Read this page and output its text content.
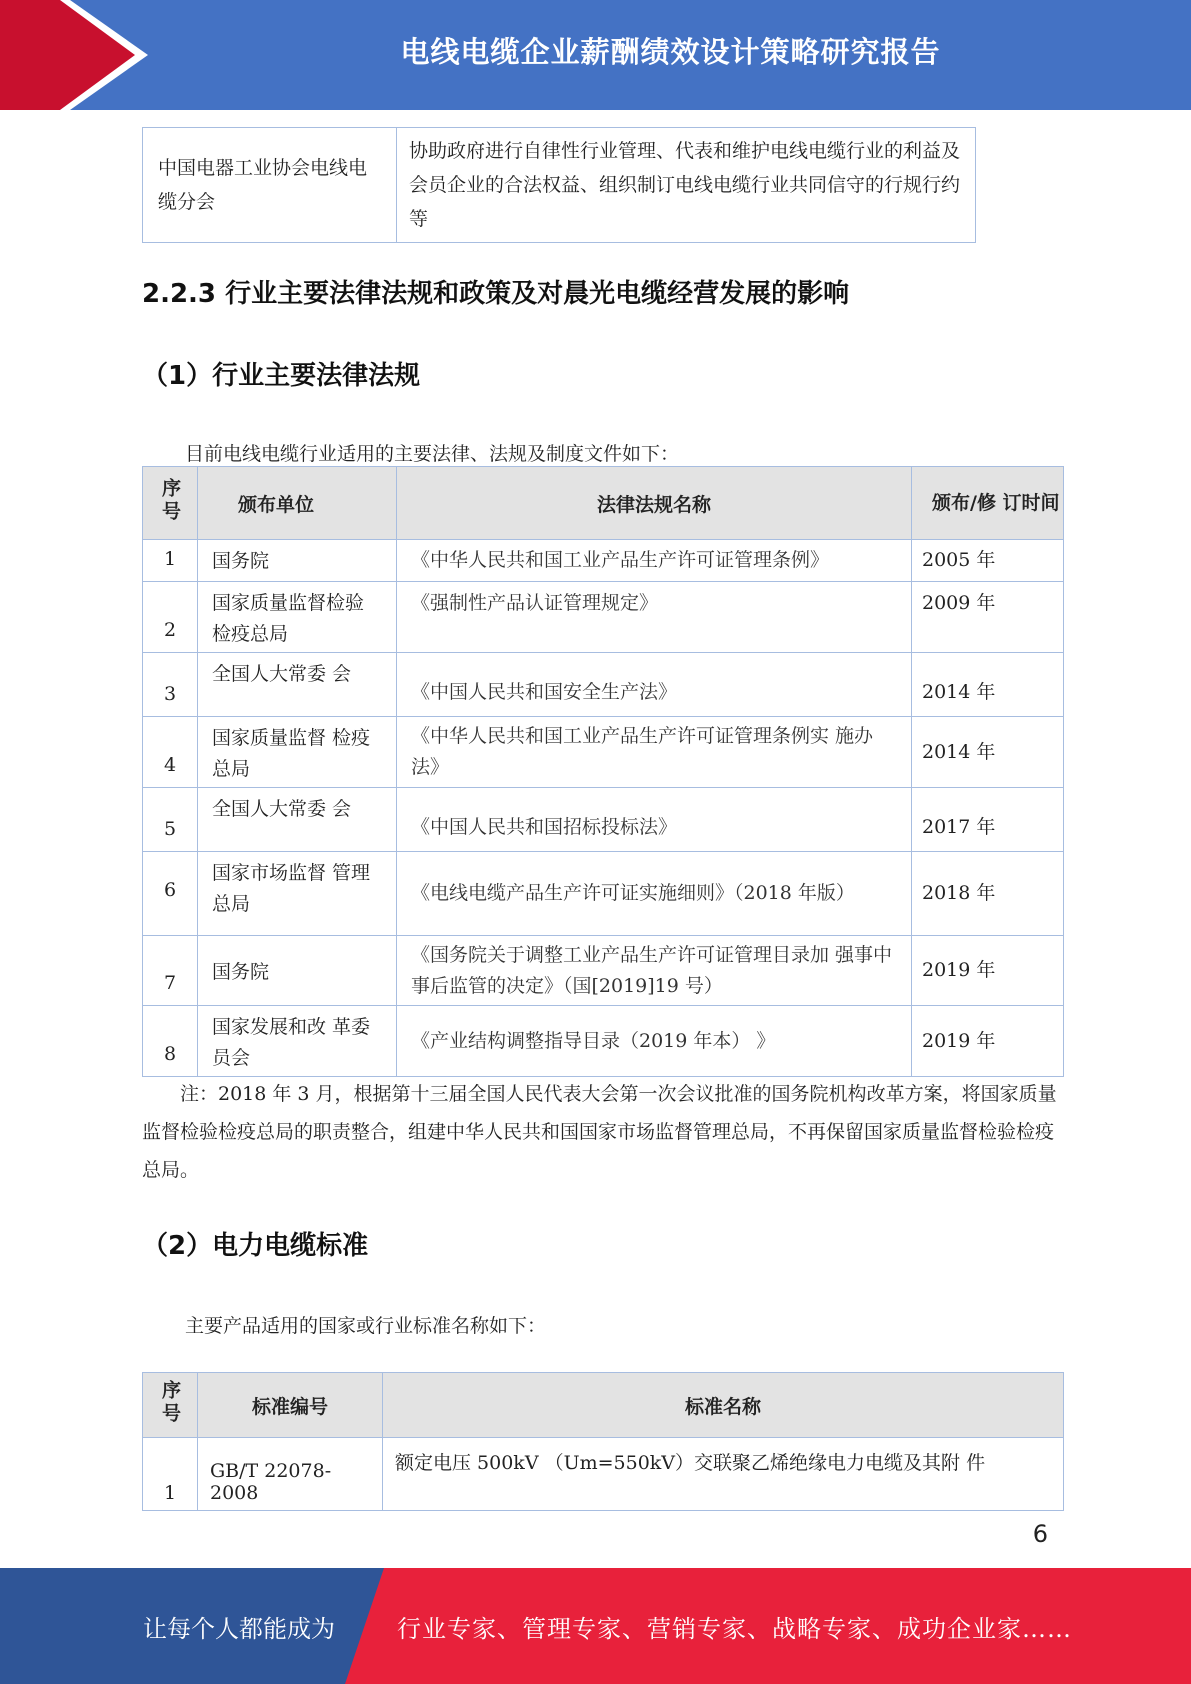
电线电缆企业薪酬绩效设计策略研究报告
中国电器工业协会电线电缆分会	协助政府进行自律性行业管理、代表和维护电线电缆行业的利益及会员企业的合法权益、组织制订电线电缆行业共同信守的行规行约等
2.2.3 行业主要法律法规和政策及对晨光电缆经营发展的影响
（1）行业主要法律法规
目前电线电缆行业适用的主要法律、法规及制度文件如下：
序号	颁布单位	法律法规名称	颁布/修 订时间
1	国务院	《中华人民共和国工业产品生产许可证管理条例》	2005 年
2	国家质量监督检验检疫总局	《强制性产品认证管理规定》	2009 年
3	全国人大常委 会	《中国人民共和国安全生产法》	2014 年
4	国家质量监督 检疫总局	《中华人民共和国工业产品生产许可证管理条例实 施办法》	2014 年
5	全国人大常委 会	《中国人民共和国招标投标法》	2017 年
6	国家市场监督 管理总局	《电线电缆产品生产许可证实施细则》（2018 年版）	2018 年
7	国务院	《国务院关于调整工业产品生产许可证管理目录加 强事中事后监管的决定》（国[2019]19 号）	2019 年
8	国家发展和改 革委员会	《产业结构调整指导目录（2019 年本） 》	2019 年
注：2018 年 3 月，根据第十三届全国人民代表大会第一次会议批准的国务院机构改革方案，将国家质量监督检验检疫总局的职责整合，组建中华人民共和国国家市场监督管理总局，不再保留国家质量监督检验检疫总局。
（2）电力电缆标准
主要产品适用的国家或行业标准名称如下：
序号	标准编号	标准名称
1	GB/T 22078-2008	额定电压 500kV （Um=550kV）交联聚乙烯绝缘电力电缆及其附 件
6
让每个人都能成为	行业专家、管理专家、营销专家、战略专家、成功企业家……
